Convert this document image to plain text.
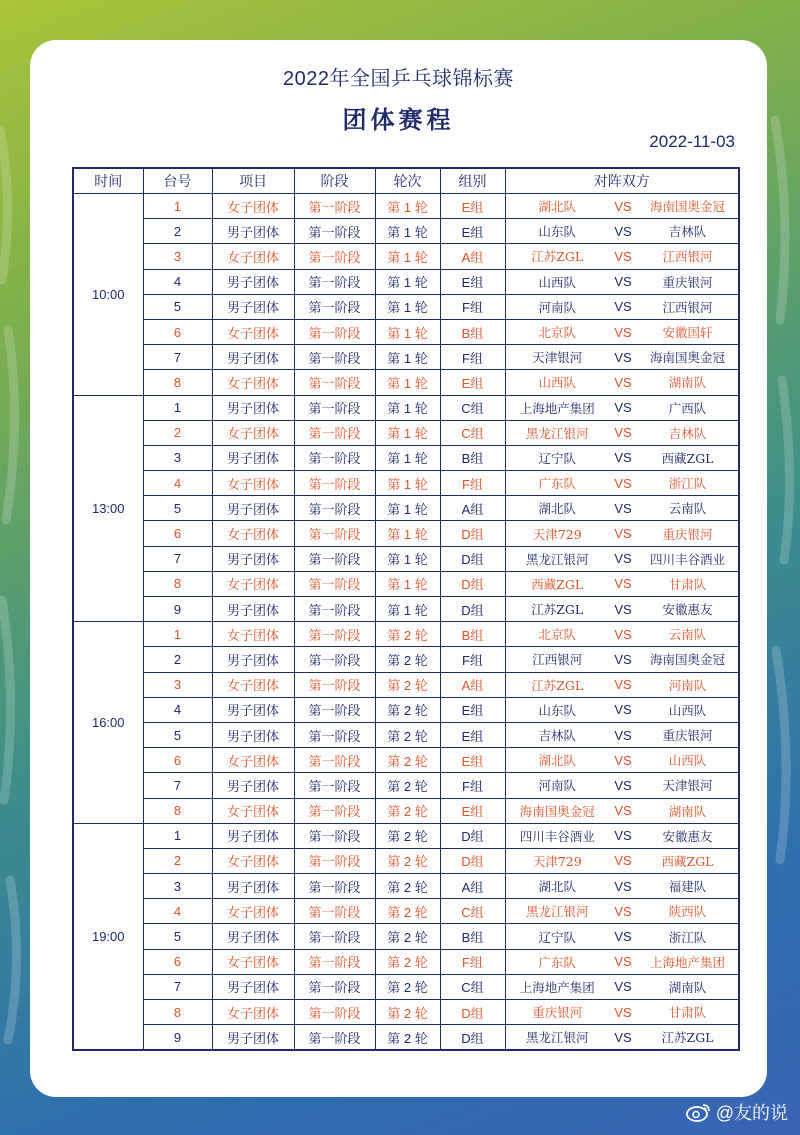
2022年全国乒乓球锦标赛
团体赛程
2022-11-03
时间	台号	项目	阶段	轮次	组别	对阵双方		
10:00	1	女子团体	第一阶段	第 1 轮	E组	湖北队	VS	海南国奥金冠
	2	男子团体	第一阶段	第 1 轮	E组	山东队	VS	吉林队
	3	女子团体	第一阶段	第 1 轮	A组	江苏ZGL	VS	江西银河
	4	男子团体	第一阶段	第 1 轮	E组	山西队	VS	重庆银河
	5	男子团体	第一阶段	第 1 轮	F组	河南队	VS	江西银河
	6	女子团体	第一阶段	第 1 轮	B组	北京队	VS	安徽国轩
	7	男子团体	第一阶段	第 1 轮	F组	天津银河	VS	海南国奥金冠
	8	女子团体	第一阶段	第 1 轮	E组	山西队	VS	湖南队
13:00	1	男子团体	第一阶段	第 1 轮	C组	上海地产集团	VS	广西队
	2	女子团体	第一阶段	第 1 轮	C组	黑龙江银河	VS	吉林队
	3	男子团体	第一阶段	第 1 轮	B组	辽宁队	VS	西藏ZGL
	4	女子团体	第一阶段	第 1 轮	F组	广东队	VS	浙江队
	5	男子团体	第一阶段	第 1 轮	A组	湖北队	VS	云南队
	6	女子团体	第一阶段	第 1 轮	D组	天津729	VS	重庆银河
	7	男子团体	第一阶段	第 1 轮	D组	黑龙江银河	VS	四川丰谷酒业
	8	女子团体	第一阶段	第 1 轮	D组	西藏ZGL	VS	甘肃队
	9	男子团体	第一阶段	第 1 轮	D组	江苏ZGL	VS	安徽惠友
16:00	1	女子团体	第一阶段	第 2 轮	B组	北京队	VS	云南队
	2	男子团体	第一阶段	第 2 轮	F组	江西银河	VS	海南国奥金冠
	3	女子团体	第一阶段	第 2 轮	A组	江苏ZGL	VS	河南队
	4	男子团体	第一阶段	第 2 轮	E组	山东队	VS	山西队
	5	男子团体	第一阶段	第 2 轮	E组	吉林队	VS	重庆银河
	6	女子团体	第一阶段	第 2 轮	E组	湖北队	VS	山西队
	7	男子团体	第一阶段	第 2 轮	F组	河南队	VS	天津银河
	8	女子团体	第一阶段	第 2 轮	E组	海南国奥金冠	VS	湖南队
19:00	1	男子团体	第一阶段	第 2 轮	D组	四川丰谷酒业	VS	安徽惠友
	2	女子团体	第一阶段	第 2 轮	D组	天津729	VS	西藏ZGL
	3	男子团体	第一阶段	第 2 轮	A组	湖北队	VS	福建队
	4	女子团体	第一阶段	第 2 轮	C组	黑龙江银河	VS	陕西队
	5	男子团体	第一阶段	第 2 轮	B组	辽宁队	VS	浙江队
	6	女子团体	第一阶段	第 2 轮	F组	广东队	VS	上海地产集团
	7	男子团体	第一阶段	第 2 轮	C组	上海地产集团	VS	湖南队
	8	女子团体	第一阶段	第 2 轮	D组	重庆银河	VS	甘肃队
	9	男子团体	第一阶段	第 2 轮	D组	黑龙江银河	VS	江苏ZGL
@友的说
